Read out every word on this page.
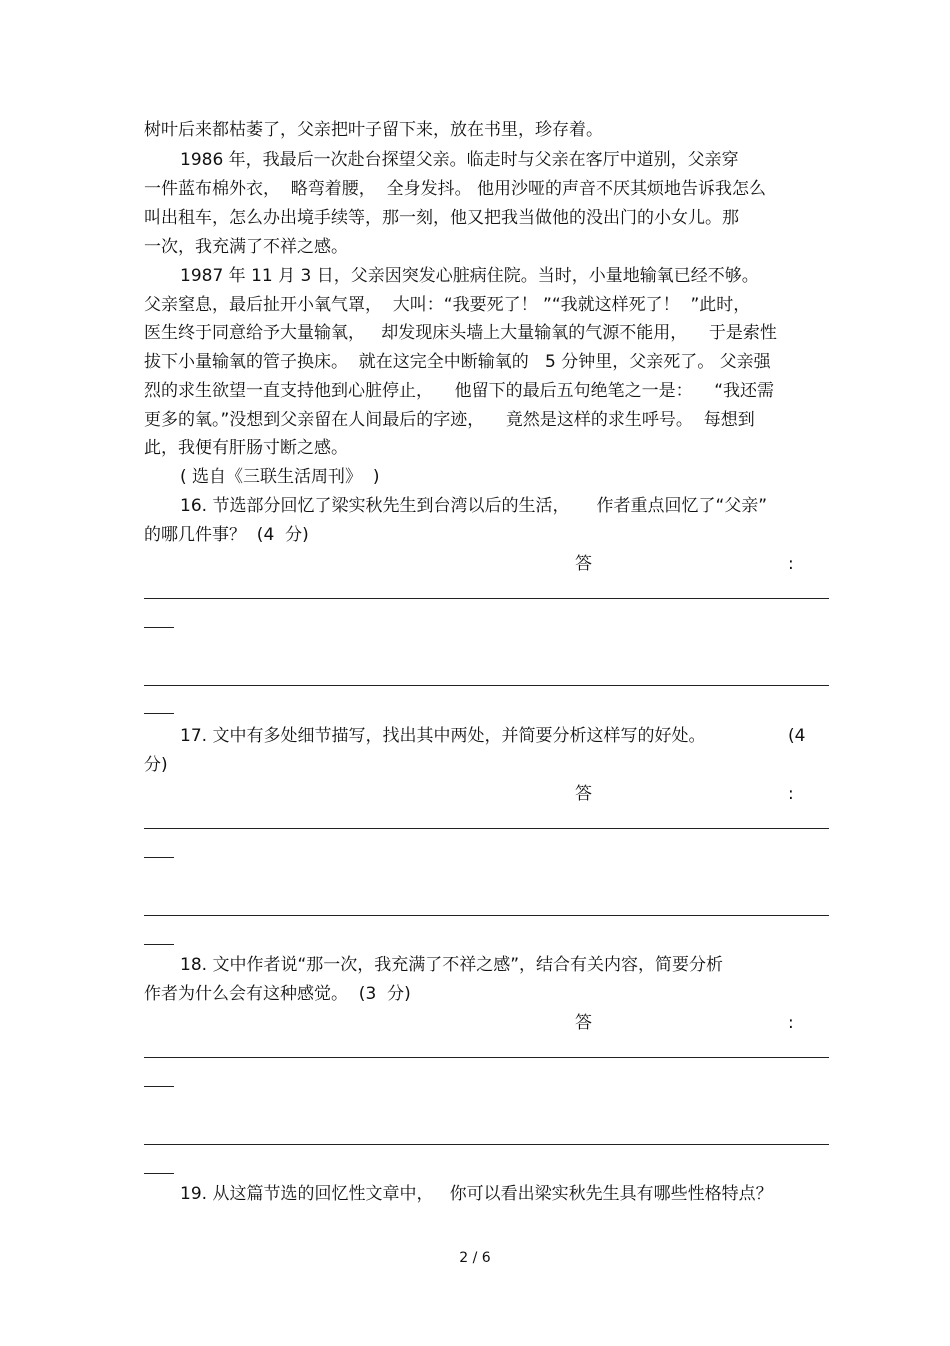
树叶后来都枯萎了，父亲把叶子留下来，放在书里，珍存着。
1986 年，我最后一次赴台探望父亲。临走时与父亲在客厅中道别，父亲穿
一件蓝布棉外衣，  略弯着腰，  全身发抖。 他用沙哑的声音不厌其烦地告诉我怎么
叫出租车，怎么办出境手续等，那一刻，他又把我当做他的没出门的小女儿。那
一次，我充满了不祥之感。
1987 年 11 月 3 日，父亲因突发心脏病住院。当时，小量地输氧已经不够。
父亲窒息，最后扯开小氧气罩，  大叫：“我要死了！ ”“我就这样死了！  ”此时，
医生终于同意给予大量输氧，   却发现床头墙上大量输氧的气源不能用，    于是索性
拔下小量输氧的管子换床。  就在这完全中断输氧的   5 分钟里，父亲死了。 父亲强
烈的求生欲望一直支持他到心脏停止，    他留下的最后五句绝笔之一是：    “我还需
更多的氧。”没想到父亲留在人间最后的字迹，    竟然是这样的求生呼号。  每想到
此，我便有肝肠寸断之感。
( 选自《三联生活周刊》  )
16. 节选部分回忆了梁实秋先生到台湾以后的生活，     作者重点回忆了“父亲”
的哪几件事？  (4  分)
答	:
17. 文中有多处细节描写，找出其中两处，并简要分析这样写的好处。	(4
分)
答	:
18. 文中作者说“那一次，我充满了不祥之感”，结合有关内容，简要分析
作者为什么会有这种感觉。  (3  分)
答	:
19. 从这篇节选的回忆性文章中，   你可以看出梁实秋先生具有哪些性格特点？
2 / 6
